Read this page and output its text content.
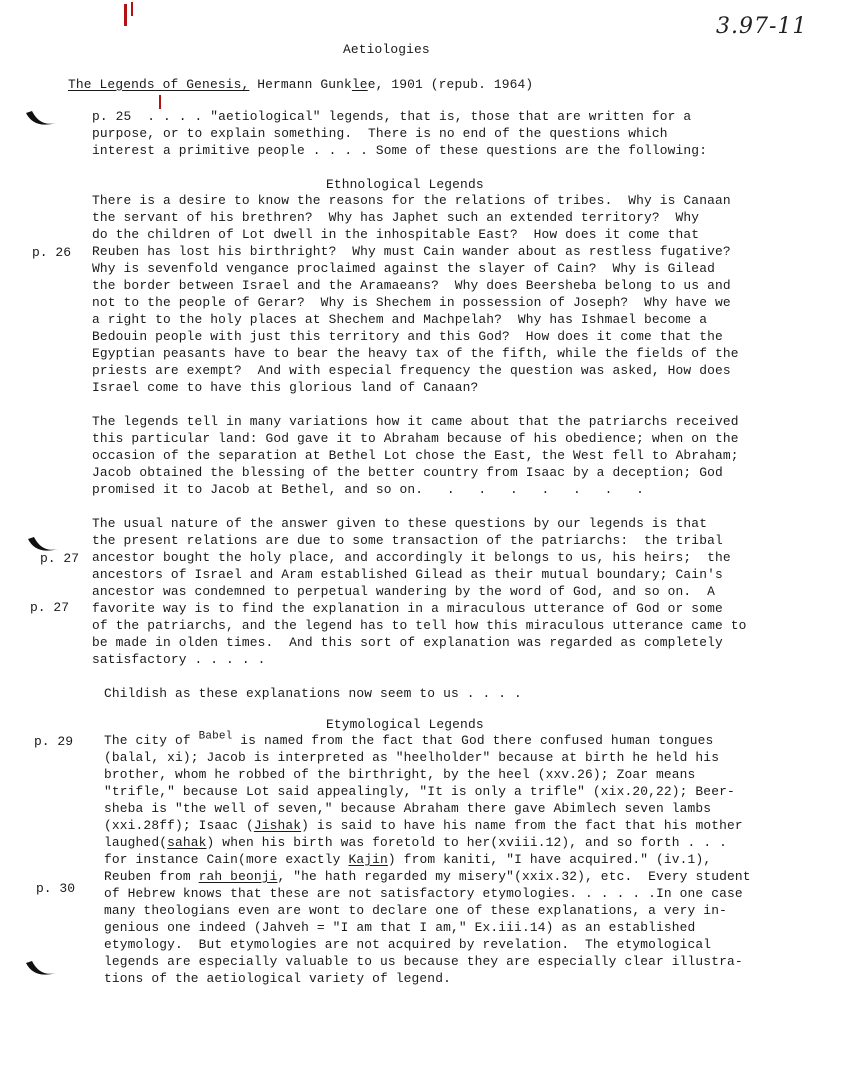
3.97-11
Aetiologies
The Legends of Genesis, Hermann Gunklee, 1901 (repub. 1964)
p. 25  . . . . "aetiological" legends, that is, those that are written for a
purpose, or to explain something.  There is no end of the questions which
interest a primitive people . . . . Some of these questions are the following:
Ethnological Legends
There is a desire to know the reasons for the relations of tribes.  Why is Canaan
the servant of his brethren?  Why has Japhet such an extended territory?  Why
do the children of Lot dwell in the inhospitable East?  How does it come that
p. 26 Reuben has lost his birthright?  Why must Cain wander about as restless fugative?
Why is sevenfold vengance proclaimed against the slayer of Cain?  Why is Gilead
the border between Israel and the Aramaeans?  Why does Beersheba belong to us and
not to the people of Gerar?  Why is Shechem in possession of Joseph?  Why have we
a right to the holy places at Shechem and Machpelah?  Why has Ishmael become a
Bedouin people with just this territory and this God?  How does it come that the
Egyptian peasants have to bear the heavy tax of the fifth, while the fields of the
priests are exempt?  And with especial frequency the question was asked, How does
Israel come to have this glorious land of Canaan?
The legends tell in many variations how it came about that the patriarchs received
this particular land: God gave it to Abraham because of his obedience; when on the
occasion of the separation at Bethel Lot chose the East, the West fell to Abraham;
Jacob obtained the blessing of the better country from Isaac by a deception; God
promised it to Jacob at Bethel, and so on.   .   .   .   .   .   .   .
The usual nature of the answer given to these questions by our legends is that
the present relations are due to some transaction of the patriarchs:  the tribal
p. 27 ancestor bought the holy place, and accordingly it belongs to us, his heirs;  the
ancestors of Israel and Aram established Gilead as their mutual boundary; Cain's
ancestor was condemned to perpetual wandering by the word of God, and so on.  A
p. 27 favorite way is to find the explanation in a miraculous utterance of God or some
of the patriarchs, and the legend has to tell how this miraculous utterance came to
be made in olden times.  And this sort of explanation was regarded as completely
satisfactory . . . . .
Childish as these explanations now seem to us . . . .
Etymological Legends
p. 29 The city of $^{Babel}$ is named from the fact that God there confused human tongues
(balal, xi); Jacob is interpreted as "heelholder" because at birth he held his
brother, whom he robbed of the birthright, by the heel (xxv.26); Zoar means
"trifle," because Lot said appealingly, "It is only a trifle" (xix.20,22); Beer-
sheba is "the well of seven," because Abraham there gave Abimlech seven lambs
(xxi.28ff); Isaac (Jishak) is said to have his name from the fact that his mother
laughed(sahak) when his birth was foretold to her(xviii.12), and so forth . . .
for instance Cain(more exactly Kajin) from kaniti, "I have acquired." (iv.1),
Reuben from rah beonji, "he hath regarded my misery"(xxix.32), etc.  Every student
p. 30 of Hebrew knows that these are not satisfactory etymologies. . . . . .In one case
many theologians even are wont to declare one of these explanations, a very in-
genious one indeed (Jahveh = "I am that I am," Ex.iii.14) as an established
etymology.  But etymologies are not acquired by revelation.  The etymological
legends are especially valuable to us because they are especially clear illustra-
tions of the aetiological variety of legend.
